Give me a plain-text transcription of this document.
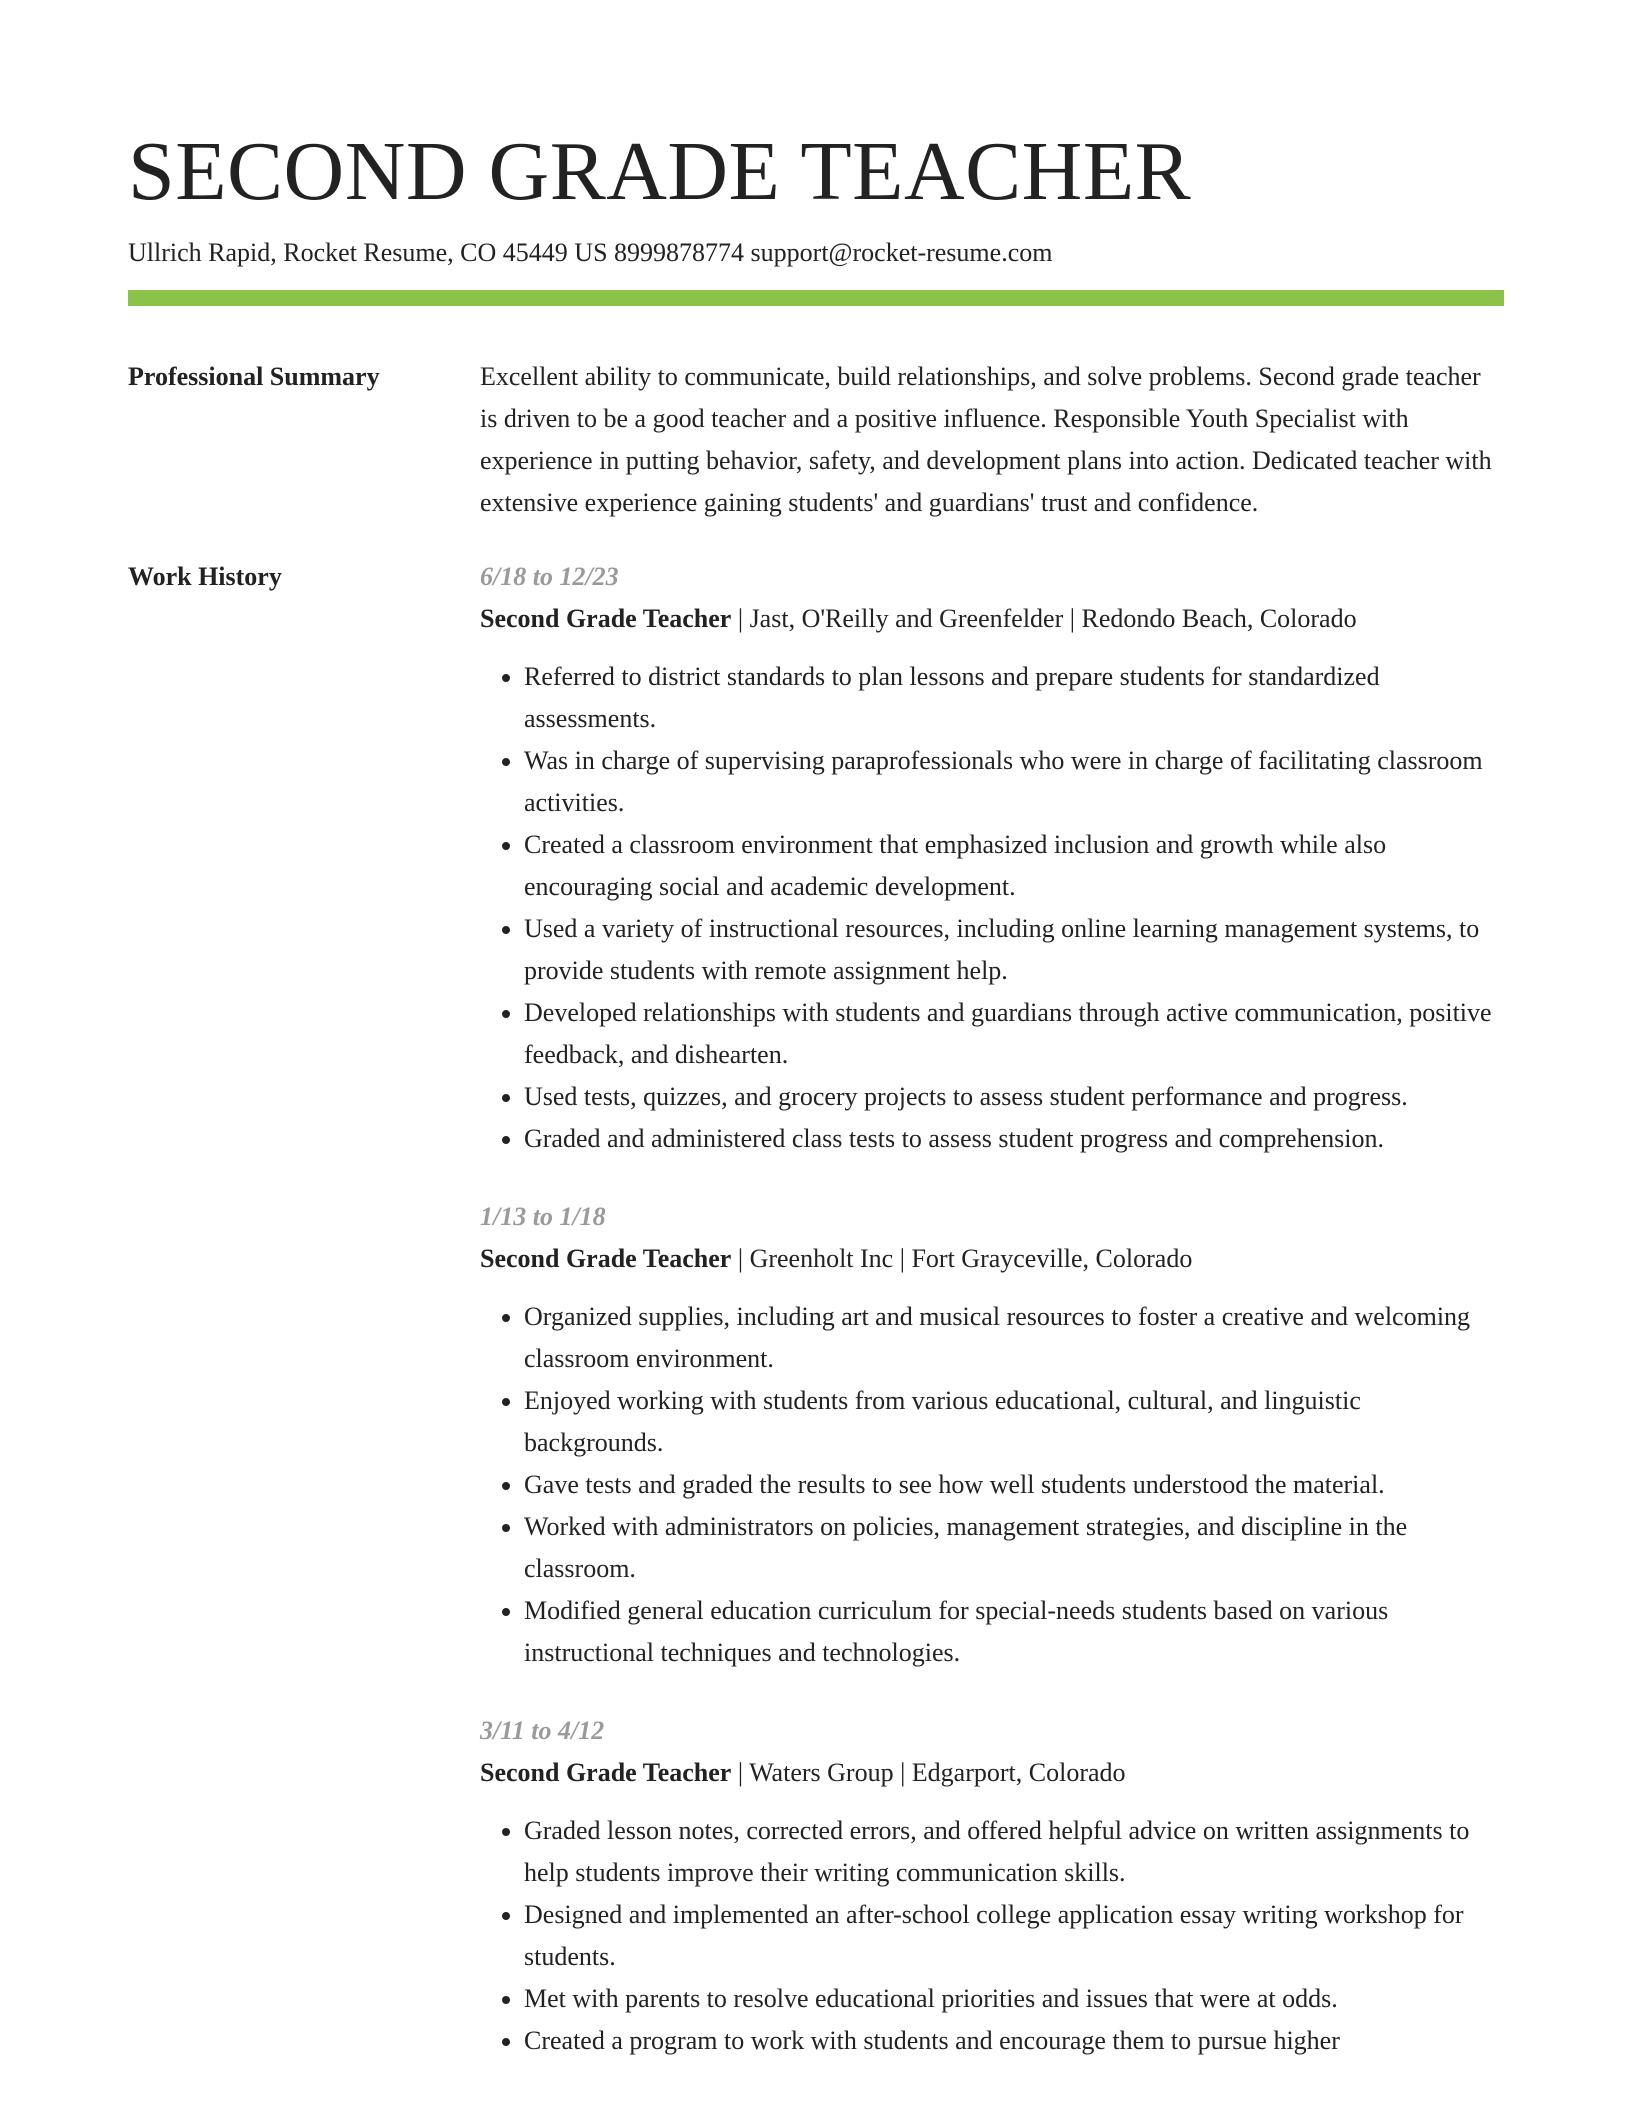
SECOND GRADE TEACHER
Ullrich Rapid, Rocket Resume, CO 45449 US 8999878774 support@rocket-resume.com
Professional Summary	Excellent ability to communicate, build relationships, and solve problems. Second grade teacher is driven to be a good teacher and a positive influence. Responsible Youth Specialist with experience in putting behavior, safety, and development plans into action. Dedicated teacher with extensive experience gaining students' and guardians' trust and confidence.
Work History	6/18 to 12/23
Second Grade Teacher | Jast, O'Reilly and Greenfelder | Redondo Beach, Colorado
• Referred to district standards to plan lessons and prepare students for standardized assessments.
• Was in charge of supervising paraprofessionals who were in charge of facilitating classroom activities.
• Created a classroom environment that emphasized inclusion and growth while also encouraging social and academic development.
• Used a variety of instructional resources, including online learning management systems, to provide students with remote assignment help.
• Developed relationships with students and guardians through active communication, positive feedback, and dishearten.
• Used tests, quizzes, and grocery projects to assess student performance and progress.
• Graded and administered class tests to assess student progress and comprehension.
1/13 to 1/18
Second Grade Teacher | Greenholt Inc | Fort Grayceville, Colorado
• Organized supplies, including art and musical resources to foster a creative and welcoming classroom environment.
• Enjoyed working with students from various educational, cultural, and linguistic backgrounds.
• Gave tests and graded the results to see how well students understood the material.
• Worked with administrators on policies, management strategies, and discipline in the classroom.
• Modified general education curriculum for special-needs students based on various instructional techniques and technologies.
3/11 to 4/12
Second Grade Teacher | Waters Group | Edgarport, Colorado
• Graded lesson notes, corrected errors, and offered helpful advice on written assignments to help students improve their writing communication skills.
• Designed and implemented an after-school college application essay writing workshop for students.
• Met with parents to resolve educational priorities and issues that were at odds.
• Created a program to work with students and encourage them to pursue higher
